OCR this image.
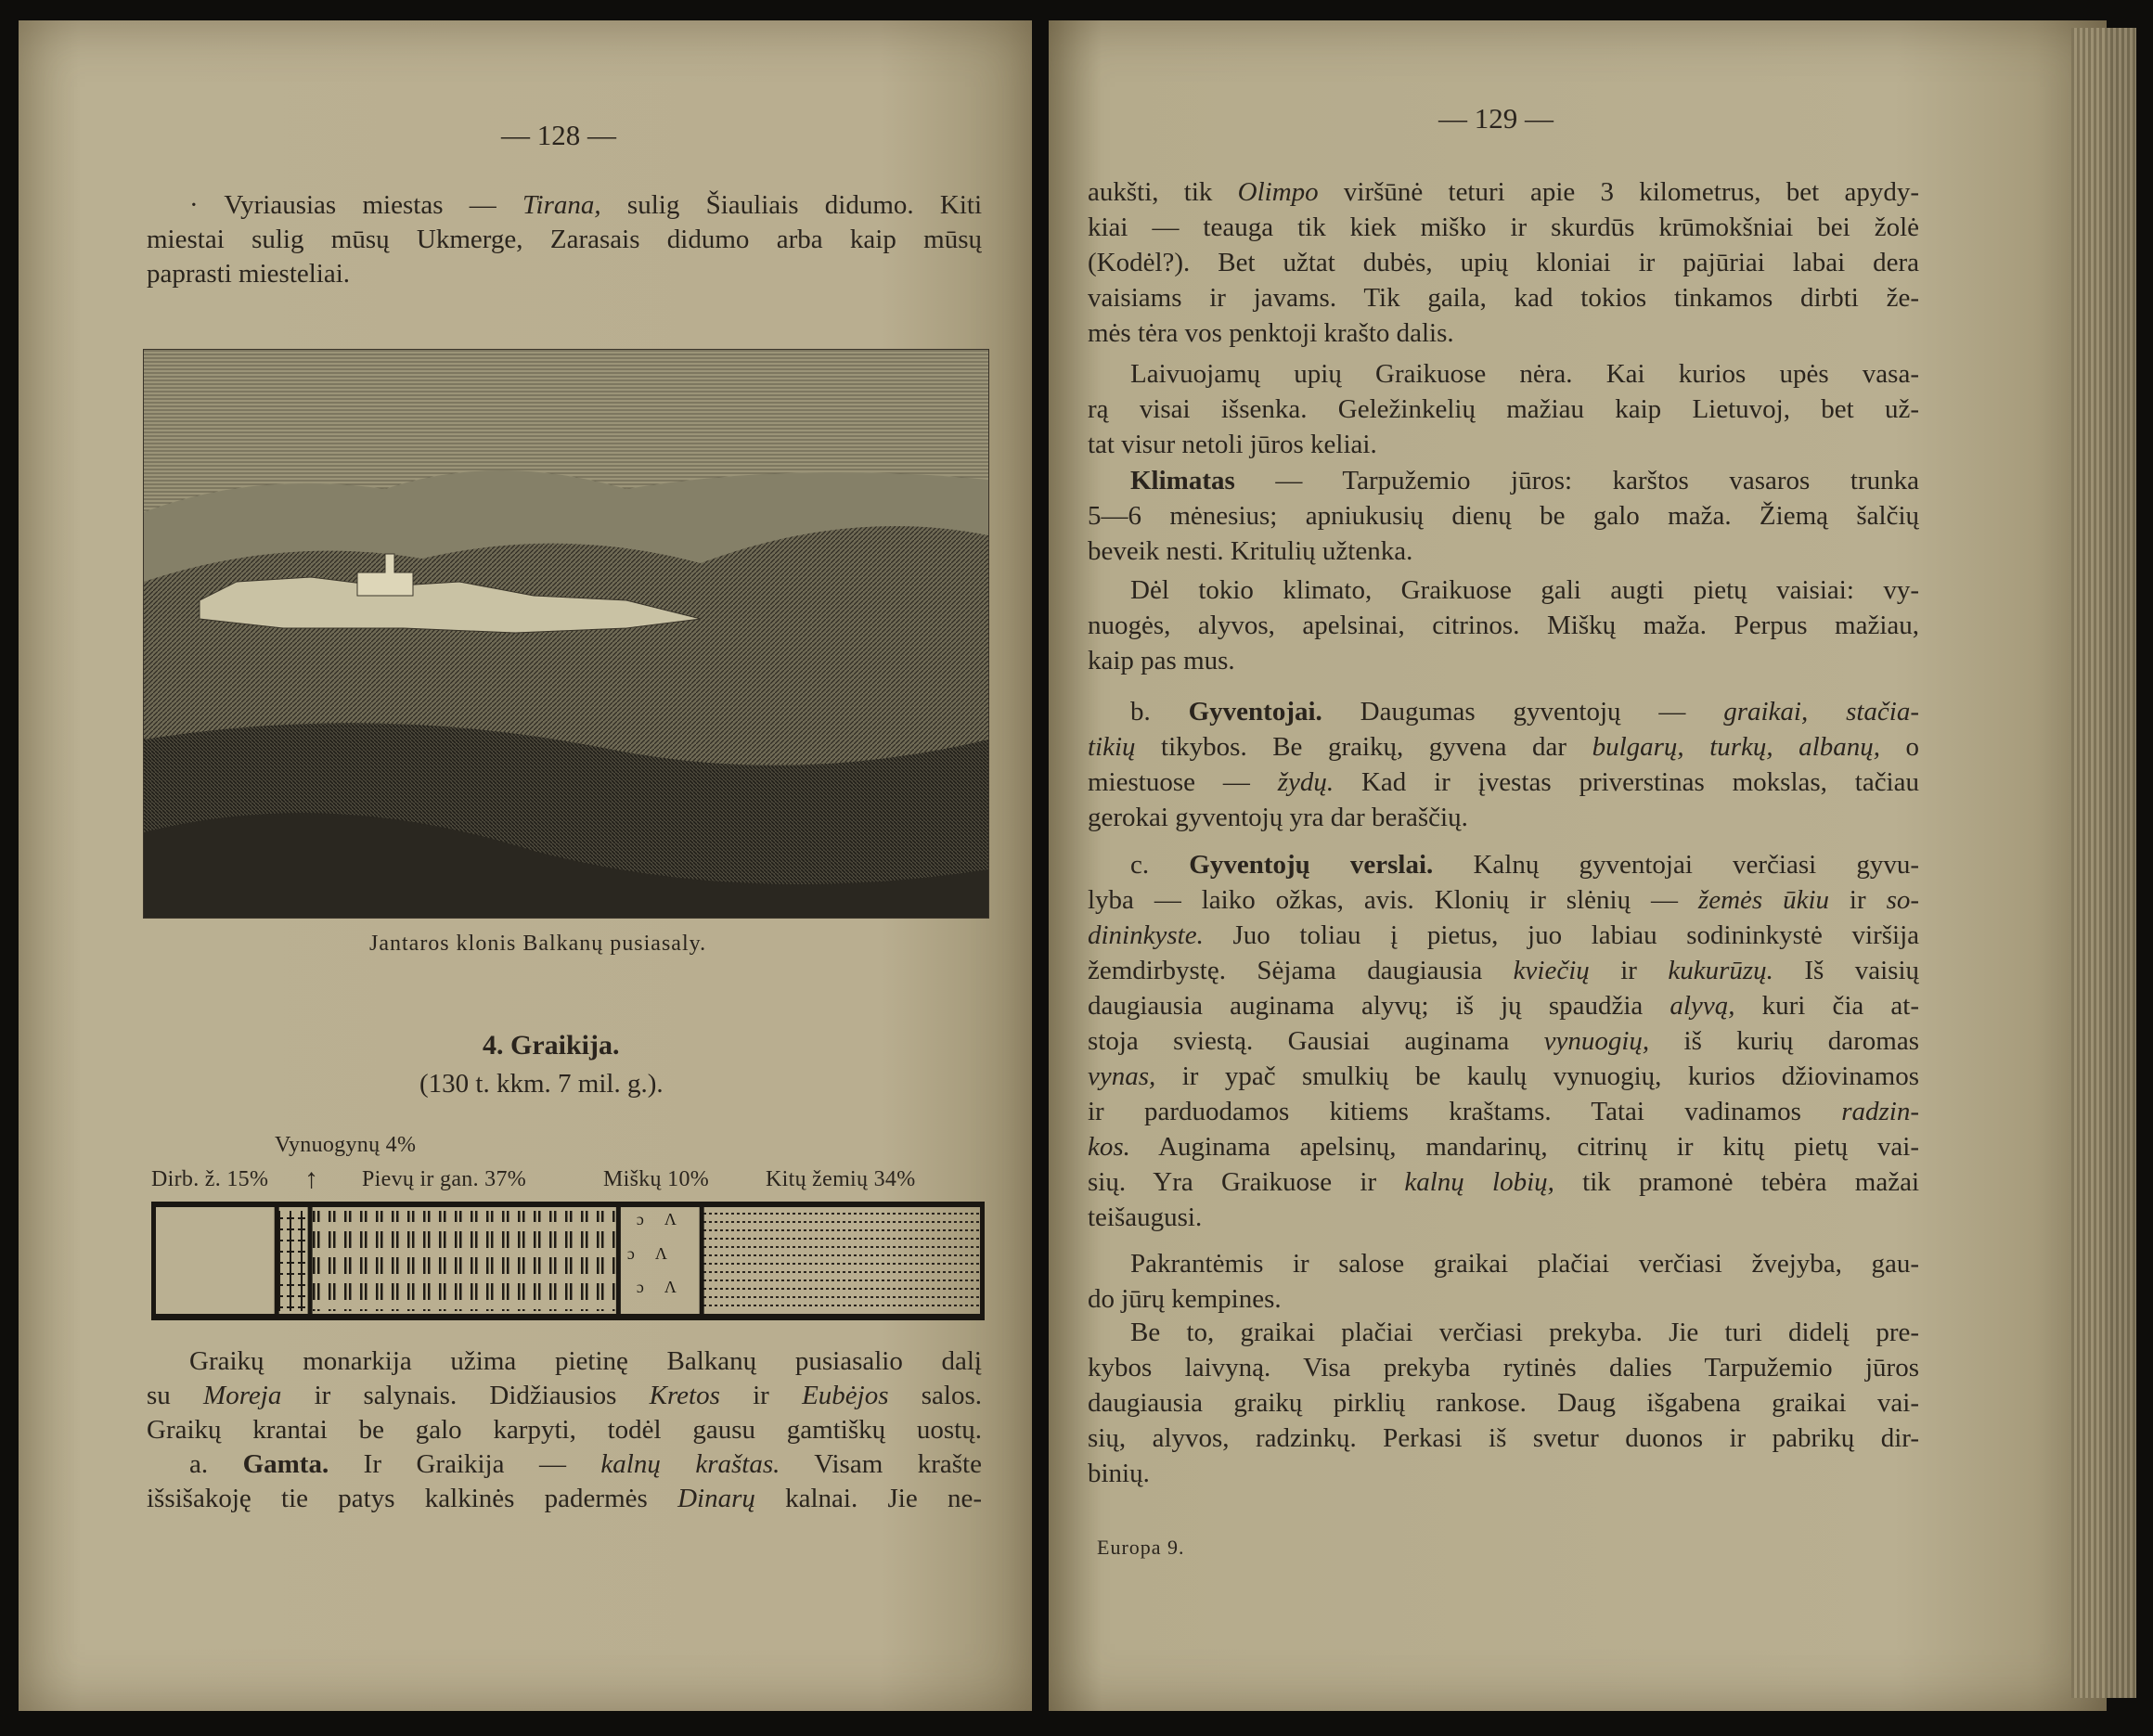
— 128 —
· Vyriausias miestas — Tirana, sulig Šiauliais didumo. Kiti
miestai sulig mūsų Ukmerge, Zarasais didumo arba kaip mūsų
paprasti miesteliai.
Jantaros klonis Balkanų pusiasaly.
4. Graikija.
(130 t. kkm. 7 mil. g.).
Vynuogynų 4%
Dirb. ž. 15% ↑ Pievų ir gan. 37%	Miškų 10%	Kitų žemių 34%
ɔ Λ
ɔ Λ
ɔ Λ
Graikų monarkija užima pietinę Balkanų pusiasalio dalį
su Moreja ir salynais. Didžiausios Kretos ir Eubėjos salos.
Graikų krantai be galo karpyti, todėl gausu gamtiškų uostų.
a. Gamta. Ir Graikija — kalnų kraštas. Visam krašte
išsišakoję tie patys kalkinės padermės Dinarų kalnai. Jie ne-
— 129 —
aukšti, tik Olimpo viršūnė teturi apie 3 kilometrus, bet apydy-
kiai — teauga tik kiek miško ir skurdūs krūmokšniai bei žolė
(Kodėl?). Bet užtat dubės, upių kloniai ir pajūriai labai dera
vaisiams ir javams. Tik gaila, kad tokios tinkamos dirbti že-
mės tėra vos penktoji krašto dalis.
Laivuojamų upių Graikuose nėra. Kai kurios upės vasa-
rą visai išsenka. Geležinkelių mažiau kaip Lietuvoj, bet už-
tat visur netoli jūros keliai.
Klimatas — Tarpužemio jūros: karštos vasaros trunka
5—6 mėnesius; apniukusių dienų be galo maža. Žiemą šalčių
beveik nesti. Kritulių užtenka.
Dėl tokio klimato, Graikuose gali augti pietų vaisiai: vy-
nuogės, alyvos, apelsinai, citrinos. Miškų maža. Perpus mažiau,
kaip pas mus.
b. Gyventojai. Daugumas gyventojų — graikai, stačia-
tikių tikybos. Be graikų, gyvena dar bulgarų, turkų, albanų, o
miestuose — žydų. Kad ir įvestas priverstinas mokslas, tačiau
gerokai gyventojų yra dar beraščių.
c. Gyventojų verslai. Kalnų gyventojai verčiasi gyvu-
lyba — laiko ožkas, avis. Klonių ir slėnių — žemės ūkiu ir so-
dininkyste. Juo toliau į pietus, juo labiau sodininkystė viršija
žemdirbystę. Sėjama daugiausia kviečių ir kukurūzų. Iš vaisių
daugiausia auginama alyvų; iš jų spaudžia alyvą, kuri čia at-
stoja sviestą. Gausiai auginama vynuogių, iš kurių daromas
vynas, ir ypač smulkių be kaulų vynuogių, kurios džiovinamos
ir parduodamos kitiems kraštams. Tatai vadinamos radzin-
kos. Auginama apelsinų, mandarinų, citrinų ir kitų pietų vai-
sių. Yra Graikuose ir kalnų lobių, tik pramonė tebėra mažai
teišaugusi.
Pakrantėmis ir salose graikai plačiai verčiasi žvejyba, gau-
do jūrų kempines.
Be to, graikai plačiai verčiasi prekyba. Jie turi didelį pre-
kybos laivyną. Visa prekyba rytinės dalies Tarpužemio jūros
daugiausia graikų pirklių rankose. Daug išgabena graikai vai-
sių, alyvos, radzinkų. Perkasi iš svetur duonos ir pabrikų dir-
binių.
Europa 9.
